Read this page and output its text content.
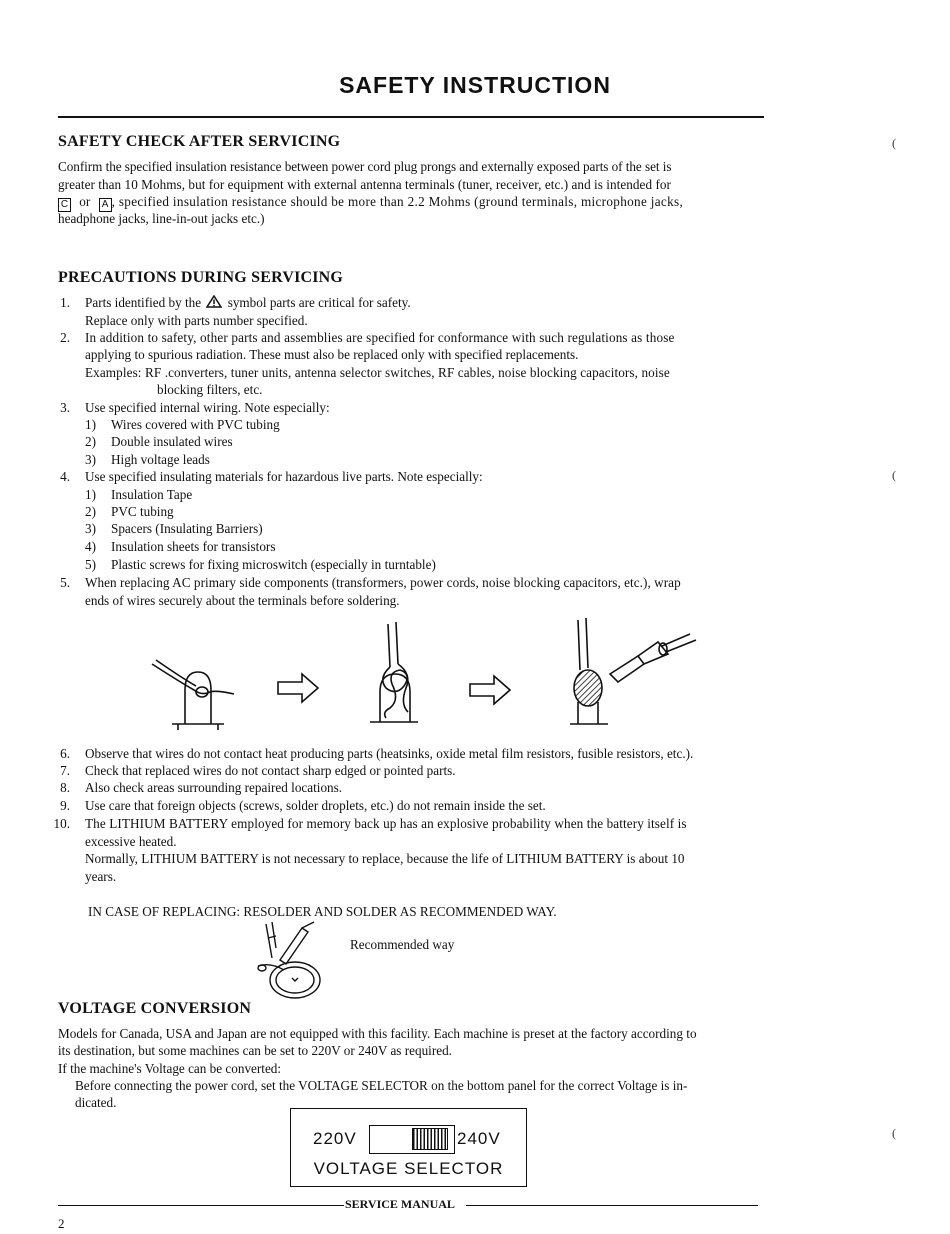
SAFETY INSTRUCTION
SAFETY CHECK AFTER SERVICING
Confirm the specified insulation resistance between power cord plug prongs and externally exposed parts of the set is
greater than 10 Mohms, but for equipment with external antenna terminals (tuner, receiver, etc.) and is intended for
C or A , specified insulation resistance should be more than 2.2 Mohms (ground terminals, microphone jacks,
headphone jacks, line-in-out jacks etc.)
PRECAUTIONS DURING SERVICING
1. Parts identified by the symbol parts are critical for safety.
Replace only with parts number specified.
2. In addition to safety, other parts and assemblies are specified for conformance with such regulations as those
applying to spurious radiation. These must also be replaced only with specified replacements.
Examples: RF .converters, tuner units, antenna selector switches, RF cables, noise blocking capacitors, noise
blocking filters, etc.
3. Use specified internal wiring. Note especially:
1) Wires covered with PVC tubing
2) Double insulated wires
3) High voltage leads
4. Use specified insulating materials for hazardous live parts. Note especially:
1) Insulation Tape
2) PVC tubing
3) Spacers (Insulating Barriers)
4) Insulation sheets for transistors
5) Plastic screws for fixing microswitch (especially in turntable)
5. When replacing AC primary side components (transformers, power cords, noise blocking capacitors, etc.), wrap
ends of wires securely about the terminals before soldering.
6. Observe that wires do not contact heat producing parts (heatsinks, oxide metal film resistors, fusible resistors, etc.).
7. Check that replaced wires do not contact sharp edged or pointed parts.
8. Also check areas surrounding repaired locations.
9. Use care that foreign objects (screws, solder droplets, etc.) do not remain inside the set.
10. The LITHIUM BATTERY employed for memory back up has an explosive probability when the battery itself is
excessive heated.
Normally, LITHIUM BATTERY is not necessary to replace, because the life of LITHIUM BATTERY is about 10
years.
IN CASE OF REPLACING: RESOLDER AND SOLDER AS RECOMMENDED WAY.
Recommended way
VOLTAGE CONVERSION
Models for Canada, USA and Japan are not equipped with this facility. Each machine is preset at the factory according to
its destination, but some machines can be set to 220V or 240V as required.
If the machine's Voltage can be converted:
Before connecting the power cord, set the VOLTAGE SELECTOR on the bottom panel for the correct Voltage is in-
dicated.
220V	240V
VOLTAGE SELECTOR
SERVICE MANUAL
2
(
(
(
